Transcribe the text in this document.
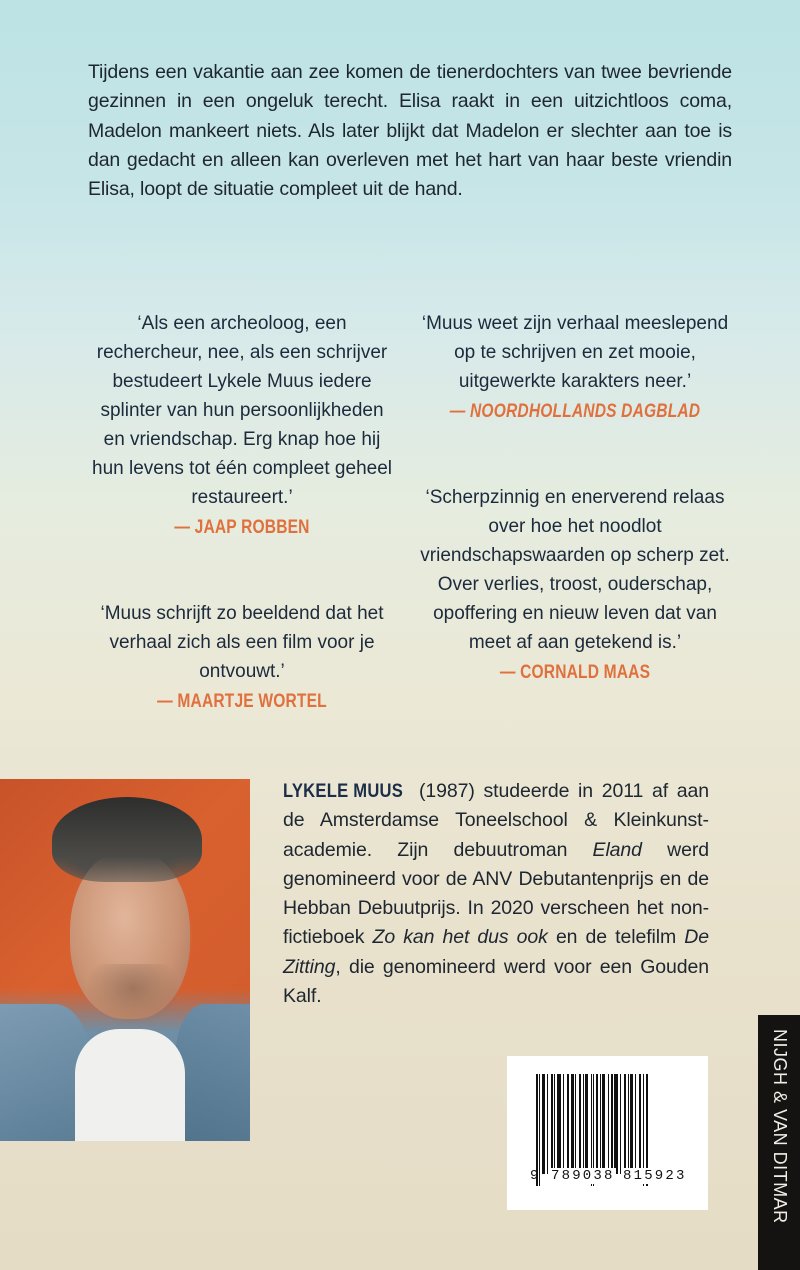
Tijdens een vakantie aan zee komen de tienerdochters van twee bevriende gezinnen in een ongeluk terecht. Elisa raakt in een uitzichtloos coma, Madelon mankeert niets. Als later blijkt dat Madelon er slechter aan toe is dan gedacht en alleen kan overleven met het hart van haar beste vriendin Elisa, loopt de situatie compleet uit de hand.
‘Als een archeoloog, een rechercheur, nee, als een schrijver bestudeert Lykele Muus iedere splinter van hun persoonlijkheden en vriendschap. Erg knap hoe hij hun levens tot één compleet geheel restaureert.’
— JAAP ROBBEN
‘Muus weet zijn verhaal meeslepend op te schrijven en zet mooie, uitgewerkte karakters neer.’
— NOORDHOLLANDS DAGBLAD
‘Scherpzinnig en enerverend relaas over hoe het noodlot vriendschapswaarden op scherp zet. Over verlies, troost, ouderschap, opoffering en nieuw leven dat van meet af aan getekend is.’
— CORNALD MAAS
‘Muus schrijft zo beeldend dat het verhaal zich als een film voor je ontvouwt.’
— MAARTJE WORTEL
LYKELE MUUS (1987) studeerde in 2011 af aan de Amsterdamse Toneelschool & Kleinkunstacademie. Zijn debuutroman Eland werd genomineerd voor de ANV Debutantenprijs en de Hebban Debuutprijs. In 2020 verscheen het non-fictieboek Zo kan het dus ook en de telefilm De Zitting, die genomineerd werd voor een Gouden Kalf.
9 789038 815923	NIJGH & VAN DITMAR
